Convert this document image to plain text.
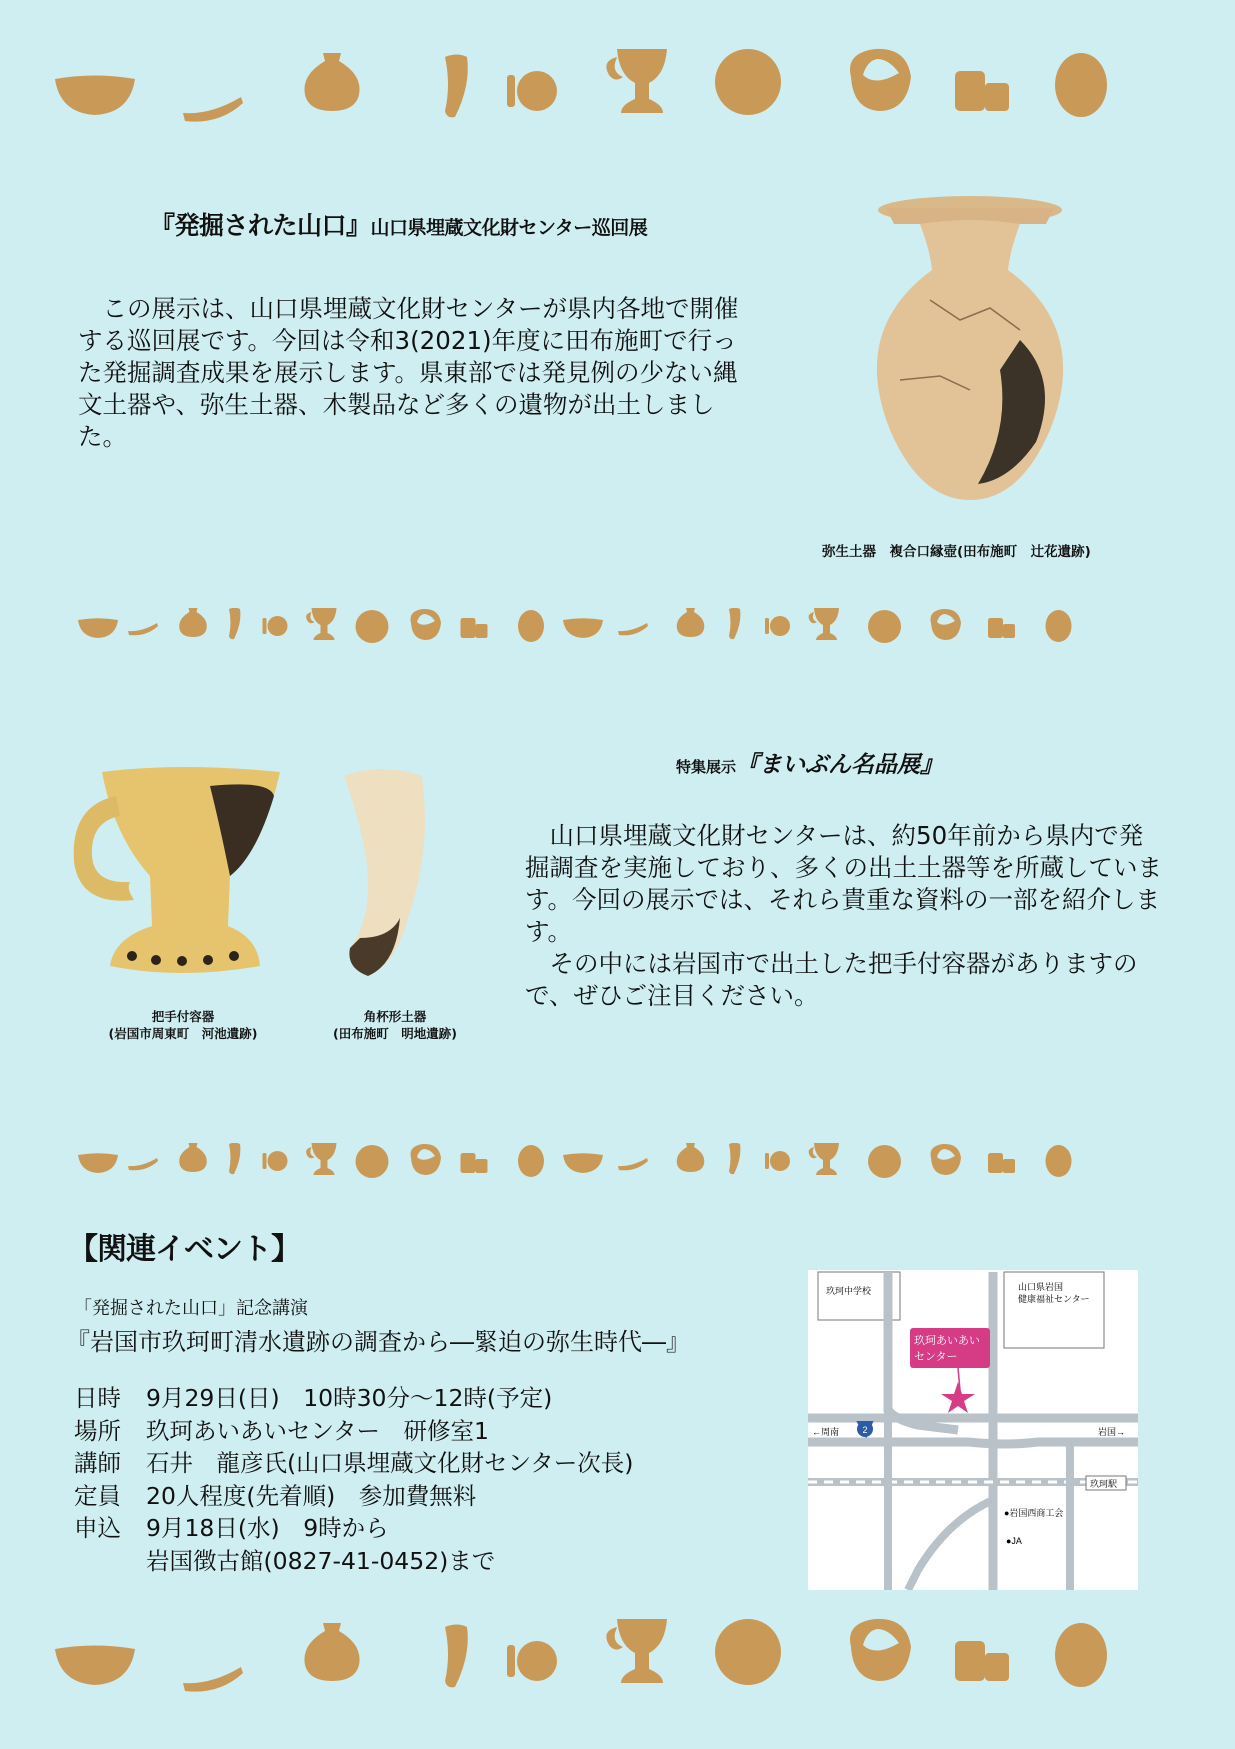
『発掘された山口』山口県埋蔵文化財センター巡回展
この展示は、山口県埋蔵文化財センターが県内各地で開催する巡回展です。今回は令和3(2021)年度に田布施町で行った発掘調査成果を展示します。県東部では発見例の少ない縄文土器や、弥生土器、木製品など多くの遺物が出土しました。
弥生土器　複合口縁壺(田布施町　辻花遺跡)
特集展示『まいぶん名品展』
把手付容器
(岩国市周東町　河池遺跡)
角杯形土器
(田布施町　明地遺跡)

山口県埋蔵文化財センターは、約50年前から県内で発掘調査を実施しており、多くの出土土器等を所蔵しています。今回の展示では、それら貴重な資料の一部を紹介します。

その中には岩国市で出土した把手付容器がありますので、ぜひご注目ください。

【関連イベント】
「発掘された山口」記念講演
『岩国市玖珂町清水遺跡の調査から―緊迫の弥生時代―』
日時 9月29日(日)　10時30分～12時(予定)
場所 玖珂あいあいセンター　研修室1
講師 石井　龍彦氏(山口県埋蔵文化財センター次長)
定員 20人程度(先着順)　参加費無料
申込 9月18日(水)　9時から
岩国徴古館(0827-41-0452)まで
玖珂中学校	山口県岩国
健康福祉センター
玖珂あいあい
センター
2
←周南	岩国→
玖珂駅
●岩国西商工会
●JA
